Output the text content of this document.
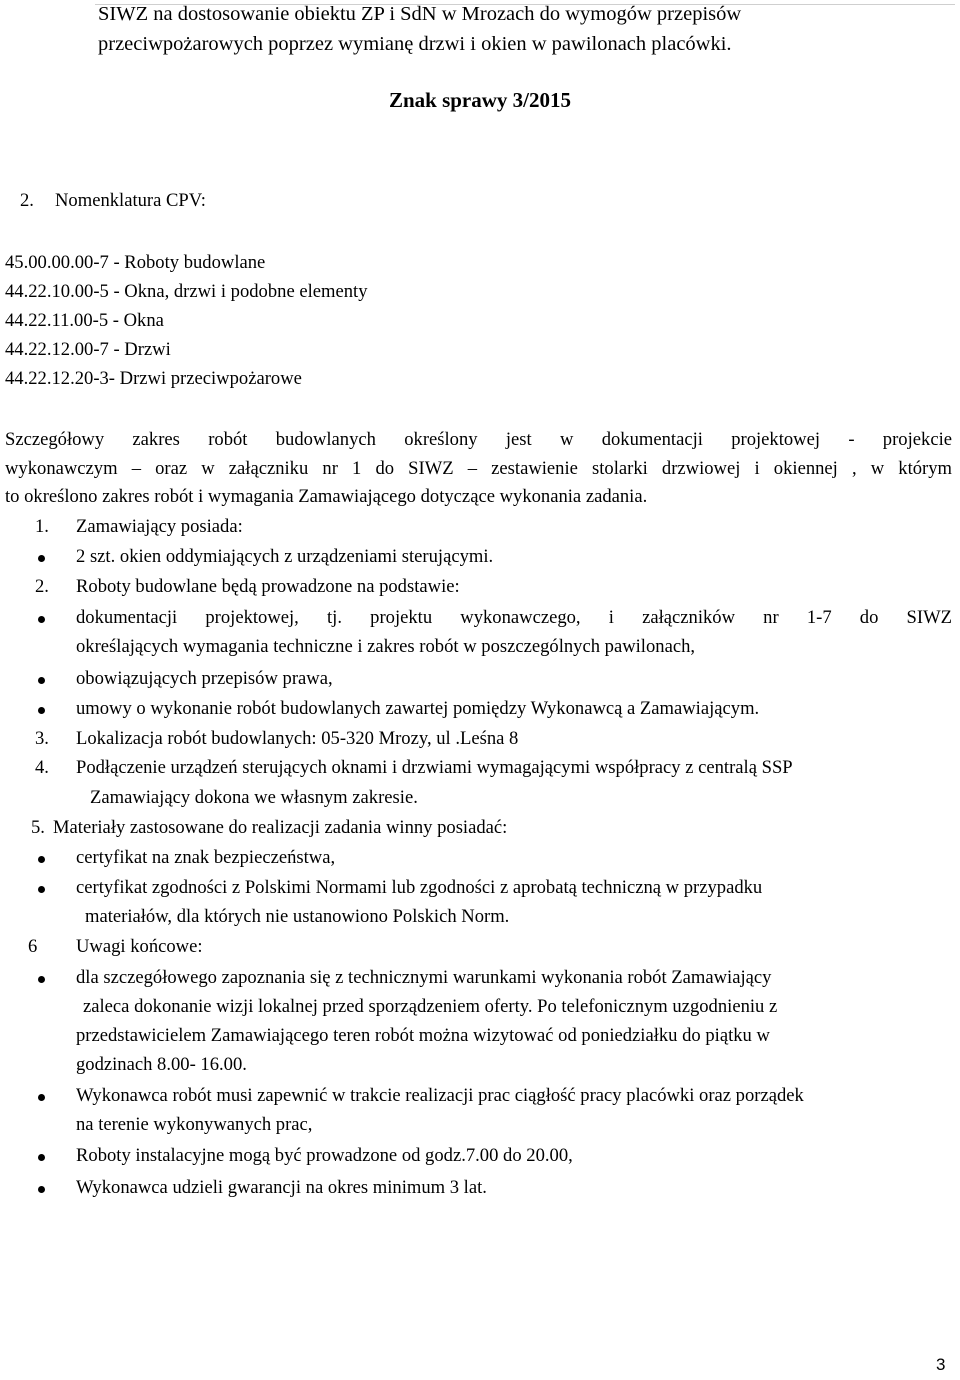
SIWZ na dostosowanie obiektu ZP i SdN w Mrozach do wymogów przepisów
przeciwpożarowych poprzez wymianę drzwi i okien w pawilonach placówki.
Znak sprawy 3/2015
2. Nomenklatura CPV:
45.00.00.00-7 - Roboty budowlane
44.22.10.00-5 - Okna, drzwi i podobne elementy
44.22.11.00-5 - Okna
44.22.12.00-7 - Drzwi
44.22.12.20-3- Drzwi przeciwpożarowe
Szczegółowy zakres robót budowlanych określony jest w dokumentacji projektowej - projekcie
wykonawczym – oraz w załączniku nr 1 do SIWZ – zestawienie stolarki drzwiowej i okiennej , w którym
to określono zakres robót i wymagania Zamawiającego dotyczące wykonania zadania.
1. Zamawiający posiada:
2 szt. okien oddymiających z urządzeniami sterującymi.
2. Roboty budowlane będą prowadzone na podstawie:
dokumentacji projektowej, tj. projektu wykonawczego, i załączników nr 1-7 do SIWZ
określających wymagania techniczne i zakres robót w poszczególnych pawilonach,
obowiązujących przepisów prawa,
umowy o wykonanie robót budowlanych zawartej pomiędzy Wykonawcą a Zamawiającym.
3. Lokalizacja robót budowlanych: 05-320 Mrozy, ul .Leśna 8
4. Podłączenie urządzeń sterujących oknami i drzwiami wymagającymi współpracy z centralą SSP
Zamawiający dokona we własnym zakresie.
5. Materiały zastosowane do realizacji zadania winny posiadać:
certyfikat na znak bezpieczeństwa,
certyfikat zgodności z Polskimi Normami lub zgodności z aprobatą techniczną w przypadku
materiałów, dla których nie ustanowiono Polskich Norm.
6 Uwagi końcowe:
dla szczegółowego zapoznania się z technicznymi warunkami wykonania robót Zamawiający
zaleca dokonanie wizji lokalnej przed sporządzeniem oferty. Po telefonicznym uzgodnieniu z
przedstawicielem Zamawiającego teren robót można wizytować od poniedziałku do piątku w
godzinach 8.00- 16.00.
Wykonawca robót musi zapewnić w trakcie realizacji prac ciągłość pracy placówki oraz porządek
na terenie wykonywanych prac,
Roboty instalacyjne mogą być prowadzone od godz.7.00 do 20.00,
Wykonawca udzieli gwarancji na okres minimum 3 lat.
3
